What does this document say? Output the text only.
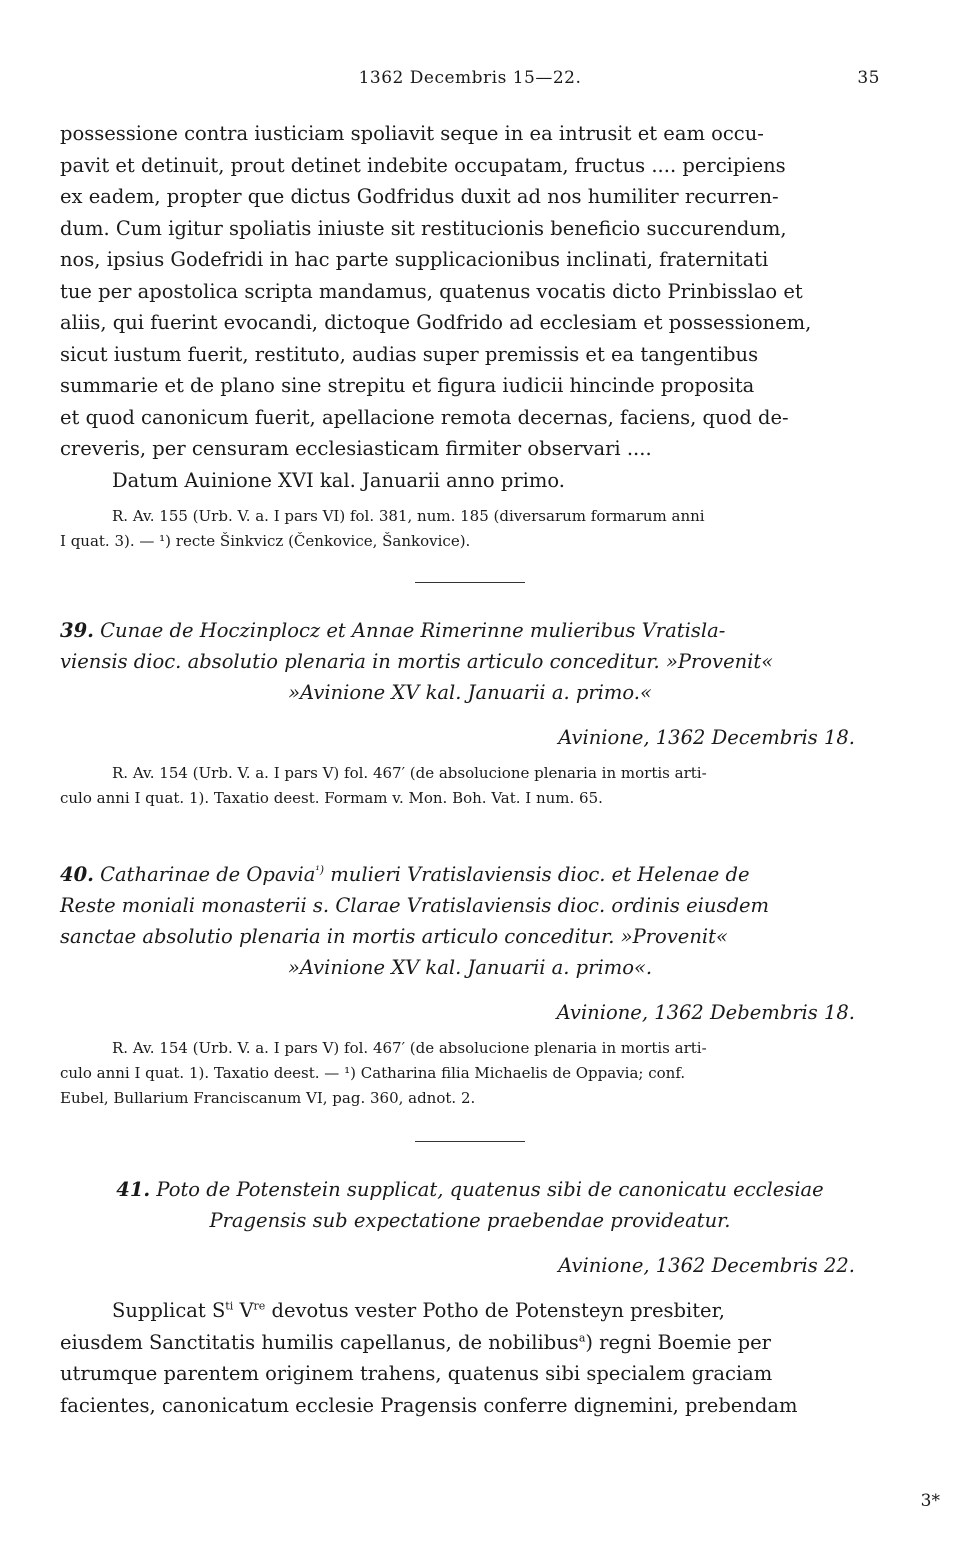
1362 Decembris 15—22.	35

possessione contra iusticiam spoliavit seque in ea intrusit et eam occu-

pavit et detinuit, prout detinet indebite occupatam, fructus .... percipiens

ex eadem, propter que dictus Godfridus duxit ad nos humiliter recurren-

dum. Cum igitur spoliatis iniuste sit restitucionis beneficio succurendum,

nos, ipsius Godefridi in hac parte supplicacionibus inclinati, fraternitati

tue per apostolica scripta mandamus, quatenus vocatis dicto Prinbisslao et

aliis, qui fuerint evocandi, dictoque Godfrido ad ecclesiam et possessionem,

sicut iustum fuerit, restituto, audias super premissis et ea tangentibus

summarie et de plano sine strepitu et figura iudicii hincinde proposita

et quod canonicum fuerit, apellacione remota decernas, faciens, quod de-

creveris, per censuram ecclesiasticam firmiter observari ....

Datum Auinione XVI kal. Januarii anno primo.

R. Av. 155 (Urb. V. a. I pars VI) fol. 381, num. 185 (diversarum formarum anni

I quat. 3). — ¹) recte Šinkvicz (Čenkovice, Šankovice).

39. Cunae de Hoczinplocz et Annae Rimerinne mulieribus Vratisla-
viensis dioc. absolutio plenaria in mortis articulo conceditur. »Provenit«
»Avinione XV kal. Januarii a. primo.«
Avinione, 1362 Decembris 18.

R. Av. 154 (Urb. V. a. I pars V) fol. 467′ (de absolucione plenaria in mortis arti-

culo anni I quat. 1). Taxatio deest. Formam v. Mon. Boh. Vat. I num. 65.

40. Catharinae de Opavia$^{^1)}$ mulieri Vratislaviensis dioc. et Helenae de
Reste moniali monasterii s. Clarae Vratislaviensis dioc. ordinis eiusdem
sanctae absolutio plenaria in mortis articulo conceditur. »Provenit«
»Avinione XV kal. Januarii a. primo«.
Avinione, 1362 Debembris 18.

R. Av. 154 (Urb. V. a. I pars V) fol. 467′ (de absolucione plenaria in mortis arti-

culo anni I quat. 1). Taxatio deest. — ¹) Catharina filia Michaelis de Oppavia; conf.

Eubel, Bullarium Franciscanum VI, pag. 360, adnot. 2.

41. Poto de Potenstein supplicat, quatenus sibi de canonicatu ecclesiae
Pragensis sub expectatione praebendae provideatur.
Avinione, 1362 Decembris 22.

Supplicat $S^{ti}$ Vre devotus vester Potho de Potensteyn presbiter,

eiusdem Sanctitatis humilis capellanus, de nobilibus$^a$) regni Boemie per

utrumque parentem originem trahens, quatenus sibi specialem graciam

facientes, canonicatum ecclesie Pragensis conferre dignemini, prebendam

3*
